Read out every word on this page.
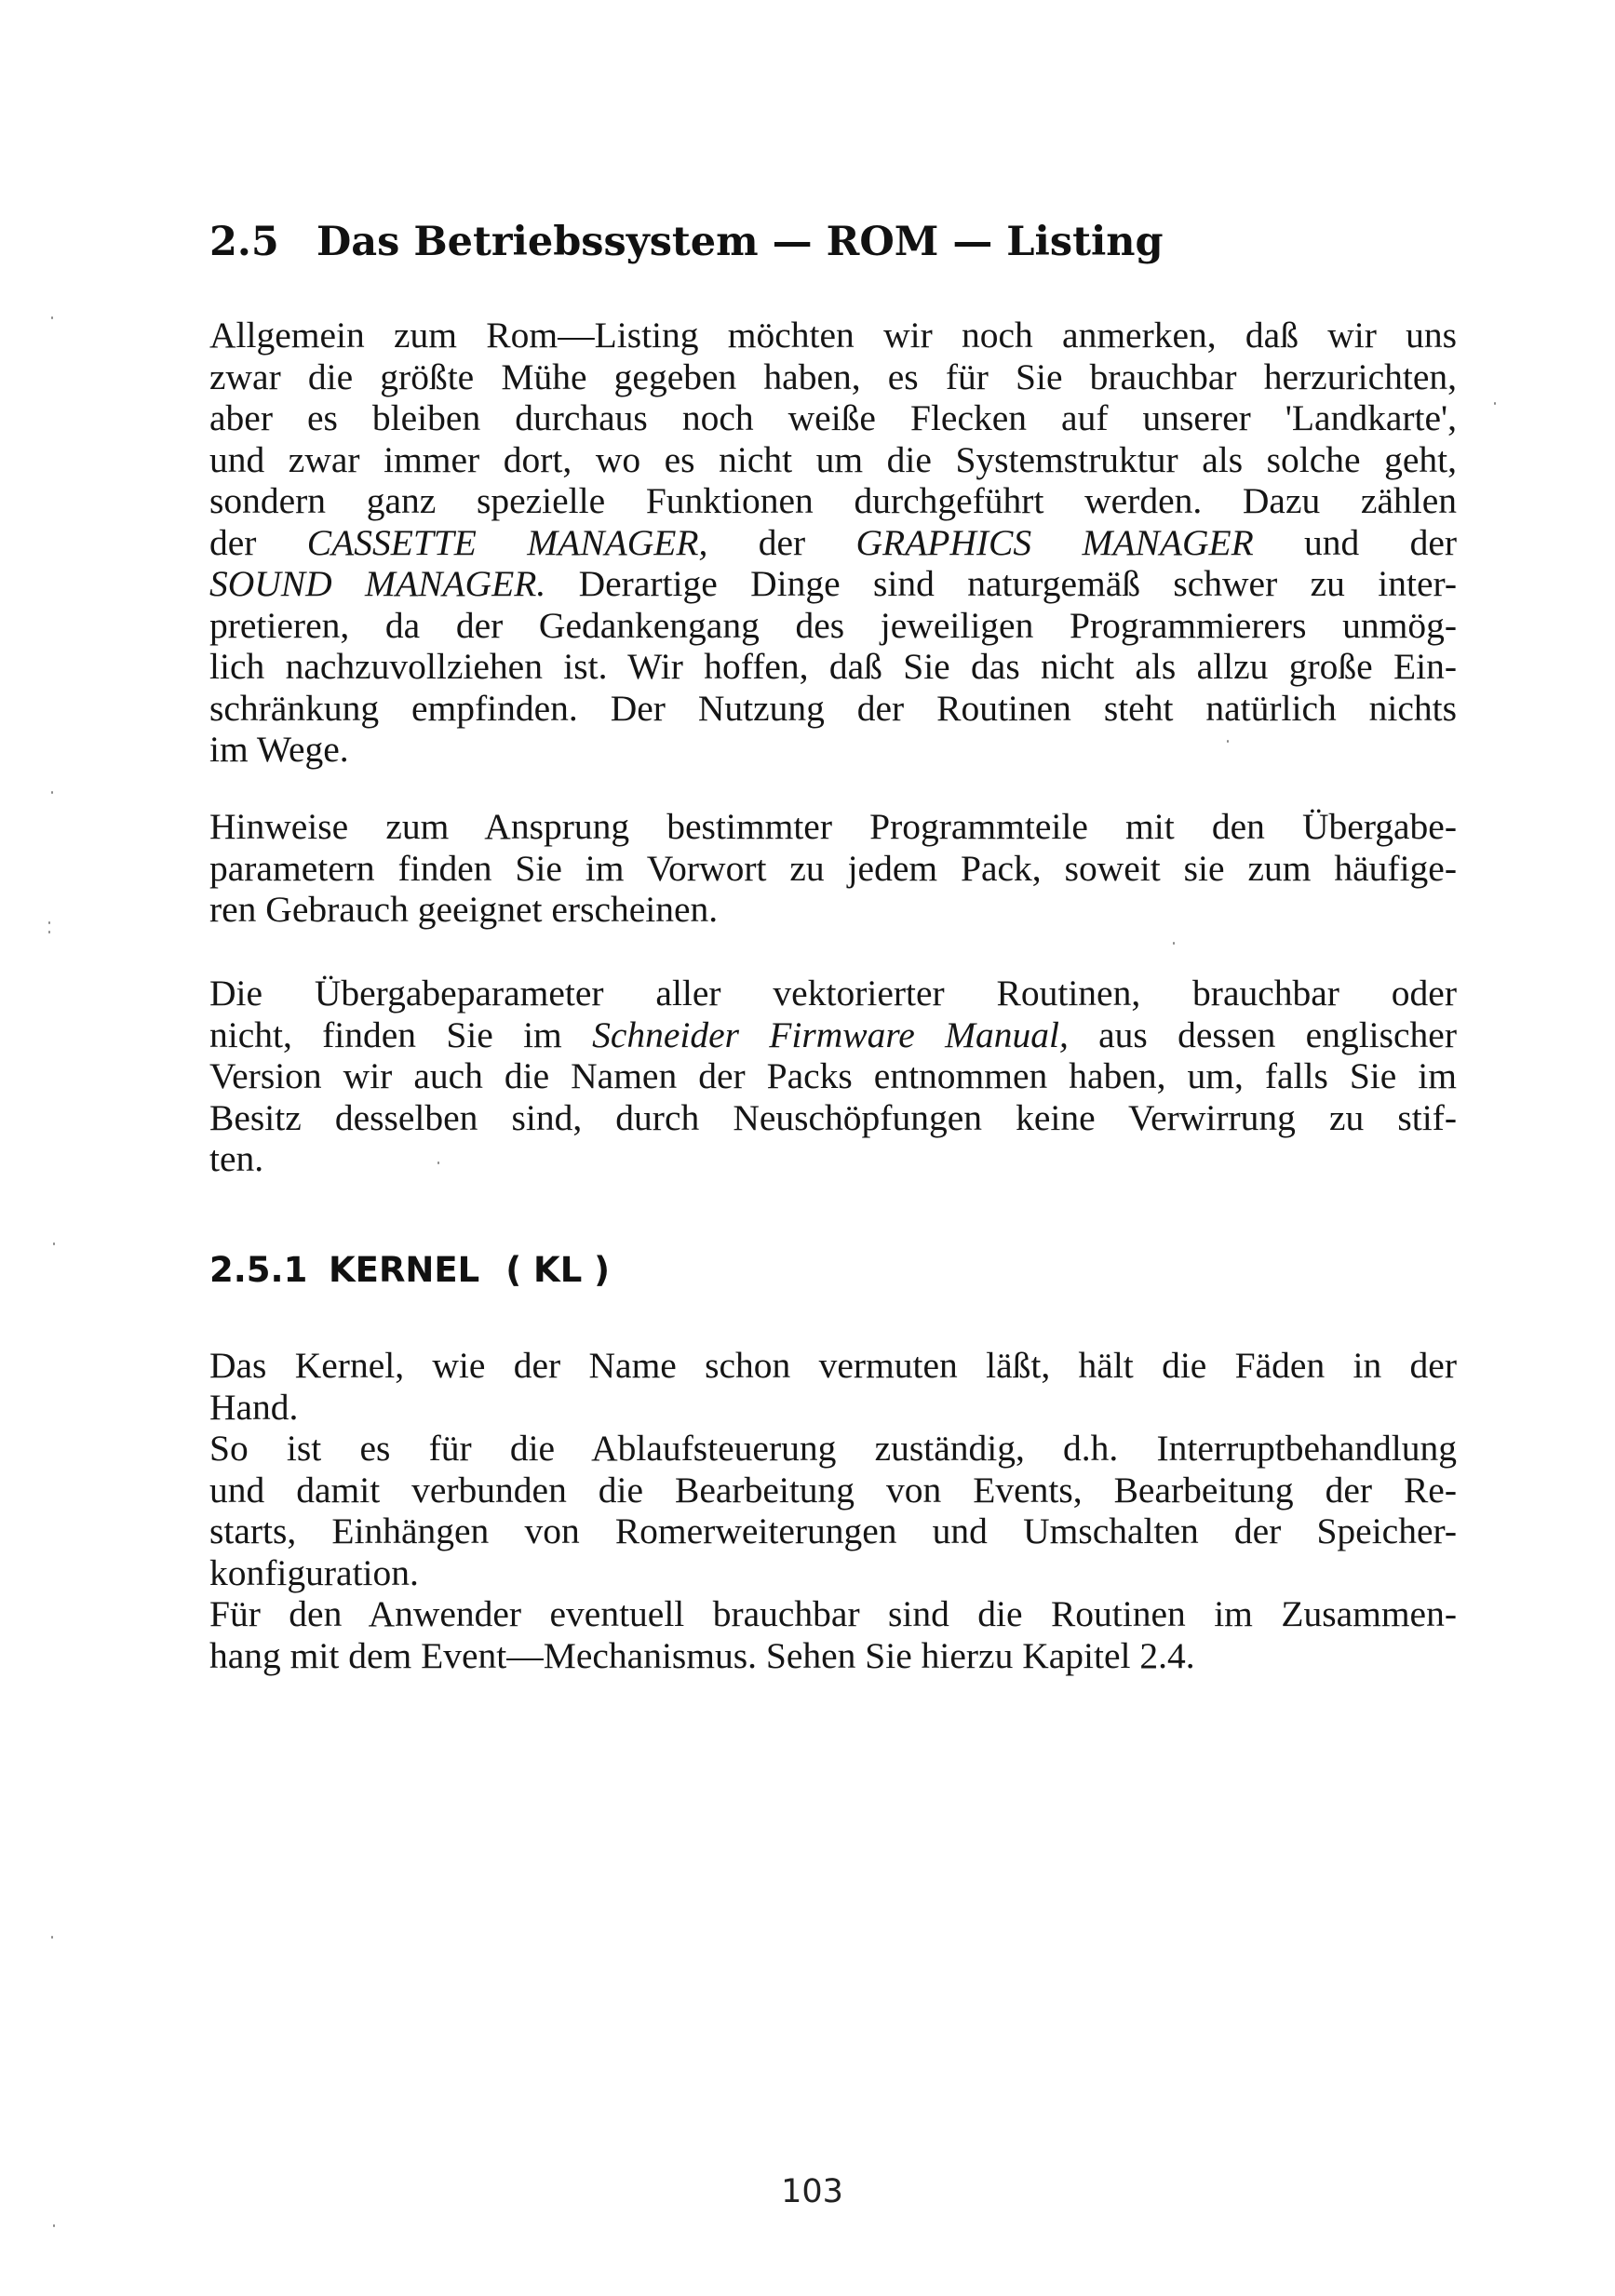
2.5 Das Betriebssystem — ROM — Listing
Allgemein zum Rom—Listing möchten wir noch anmerken, daß wir uns
zwar die größte Mühe gegeben haben, es für Sie brauchbar herzurichten,
aber es bleiben durchaus noch weiße Flecken auf unserer 'Landkarte',
und zwar immer dort, wo es nicht um die Systemstruktur als solche geht,
sondern ganz spezielle Funktionen durchgeführt werden. Dazu zählen
der CASSETTE MANAGER, der GRAPHICS MANAGER und der
SOUND MANAGER. Derartige Dinge sind naturgemäß schwer zu inter-
pretieren, da der Gedankengang des jeweiligen Programmierers unmög-
lich nachzuvollziehen ist. Wir hoffen, daß Sie das nicht als allzu große Ein-
schränkung empfinden. Der Nutzung der Routinen steht natürlich nichts
im Wege.
Hinweise zum Ansprung bestimmter Programmteile mit den Übergabe-
parametern finden Sie im Vorwort zu jedem Pack, soweit sie zum häufige-
ren Gebrauch geeignet erscheinen.
Die Übergabeparameter aller vektorierter Routinen, brauchbar oder
nicht, finden Sie im Schneider Firmware Manual, aus dessen englischer
Version wir auch die Namen der Packs entnommen haben, um, falls Sie im
Besitz desselben sind, durch Neuschöpfungen keine Verwirrung zu stif-
ten.
2.5.1 KERNEL ( KL )
Das Kernel, wie der Name schon vermuten läßt, hält die Fäden in der
Hand.
So ist es für die Ablaufsteuerung zuständig, d.h. Interruptbehandlung
und damit verbunden die Bearbeitung von Events, Bearbeitung der Re-
starts, Einhängen von Romerweiterungen und Umschalten der Speicher-
konfiguration.
Für den Anwender eventuell brauchbar sind die Routinen im Zusammen-
hang mit dem Event—Mechanismus. Sehen Sie hierzu Kapitel 2.4.
103
